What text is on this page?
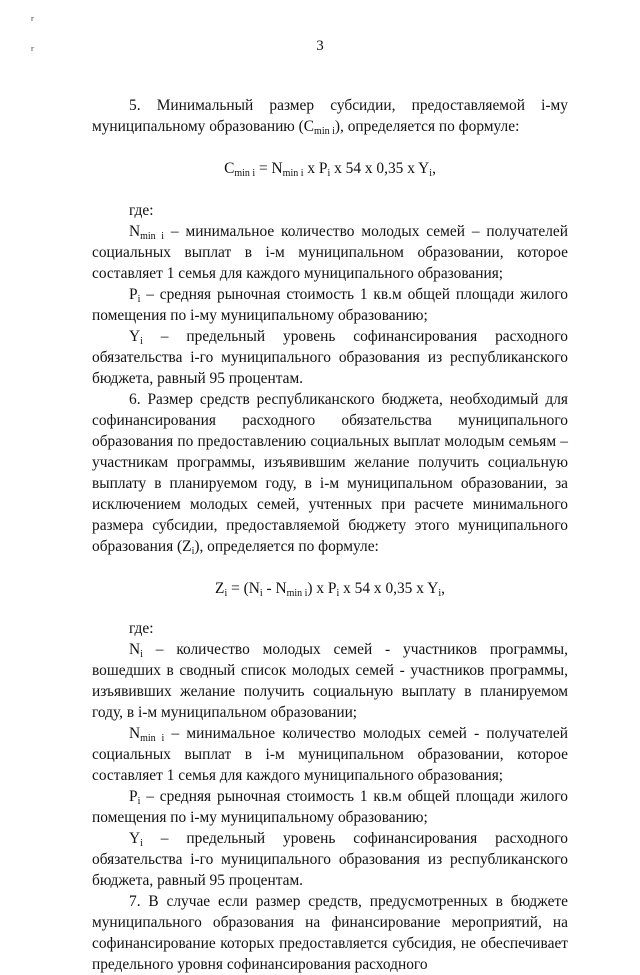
ғ
ғ	3

5. Минимальный размер субсидии, предоставляемой i-му муниципальному образованию $(C_{min i})$, определяется по формуле:

$C_{min i} = N_{min i}$ x $P_i$ x 54 x 0,35 x $Y_i$,

где:

$N_{min i}$ – минимальное количество молодых семей – получателей социальных выплат в i-м муниципальном образовании, которое составляет 1 семья для каждого муниципального образования;

$P_i$ – средняя рыночная стоимость 1 кв.м общей площади жилого помещения по i-му муниципальному образованию;

$Y_i$ – предельный уровень софинансирования расходного обязательства i-го муниципального образования из республиканского бюджета, равный 95 процентам.

6. Размер средств республиканского бюджета, необходимый для софинансирования расходного обязательства муниципального образования по предоставлению социальных выплат молодым семьям – участникам программы, изъявившим желание получить социальную выплату в планируемом году, в i-м муниципальном образовании, за исключением молодых семей, учтенных при расчете минимального размера субсидии, предоставляемой бюджету этого муниципального образования $(Z_i)$, определяется по формуле:

$Z_i = (N_i - N_{min i})$ x $P_i$ x 54 x 0,35 x $Y_i$,

где:

$N_i$ – количество молодых семей - участников программы, вошедших в сводный список молодых семей - участников программы, изъявивших желание получить социальную выплату в планируемом году, в i-м муниципальном образовании;

$N_{min i}$ – минимальное количество молодых семей - получателей социальных выплат в i-м муниципальном образовании, которое составляет 1 семья для каждого муниципального образования;

$P_i$ – средняя рыночная стоимость 1 кв.м общей площади жилого помещения по i-му муниципальному образованию;

$Y_i$ – предельный уровень софинансирования расходного обязательства i-го муниципального образования из республиканского бюджета, равный 95 процентам.

7. В случае если размер средств, предусмотренных в бюджете муниципального образования на финансирование мероприятий, на софинансирование которых предоставляется субсидия, не обеспечивает предельного уровня софинансирования расходного
